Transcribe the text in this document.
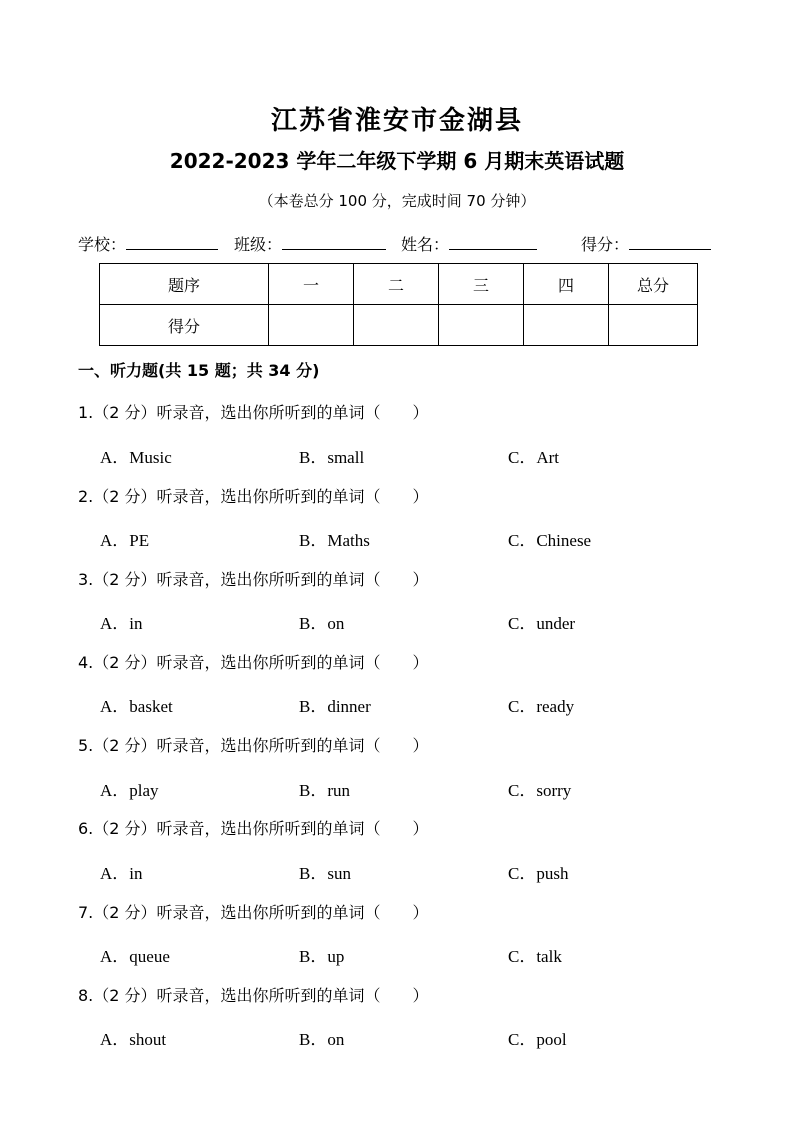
江苏省淮安市金湖县
2022-2023 学年二年级下学期 6 月期末英语试题
（本卷总分 100 分，完成时间 70 分钟）
学校：	班级：	姓名：	得分：
题序	一	二	三	四	总分
得分					
一、听力题(共 15 题；共 34 分)
1.（2 分）听录音，选出你所听到的单词（　　）
A．Music	B．small	C．Art
2.（2 分）听录音，选出你所听到的单词（　　）
A．PE	B．Maths	C．Chinese
3.（2 分）听录音，选出你所听到的单词（　　）
A．in	B．on	C．under
4.（2 分）听录音，选出你所听到的单词（　　）
A．basket	B．dinner	C．ready
5.（2 分）听录音，选出你所听到的单词（　　）
A．play	B．run	C．sorry
6.（2 分）听录音，选出你所听到的单词（　　）
A．in	B．sun	C．push
7.（2 分）听录音，选出你所听到的单词（　　）
A．queue	B．up	C．talk
8.（2 分）听录音，选出你所听到的单词（　　）
A．shout	B．on	C．pool
